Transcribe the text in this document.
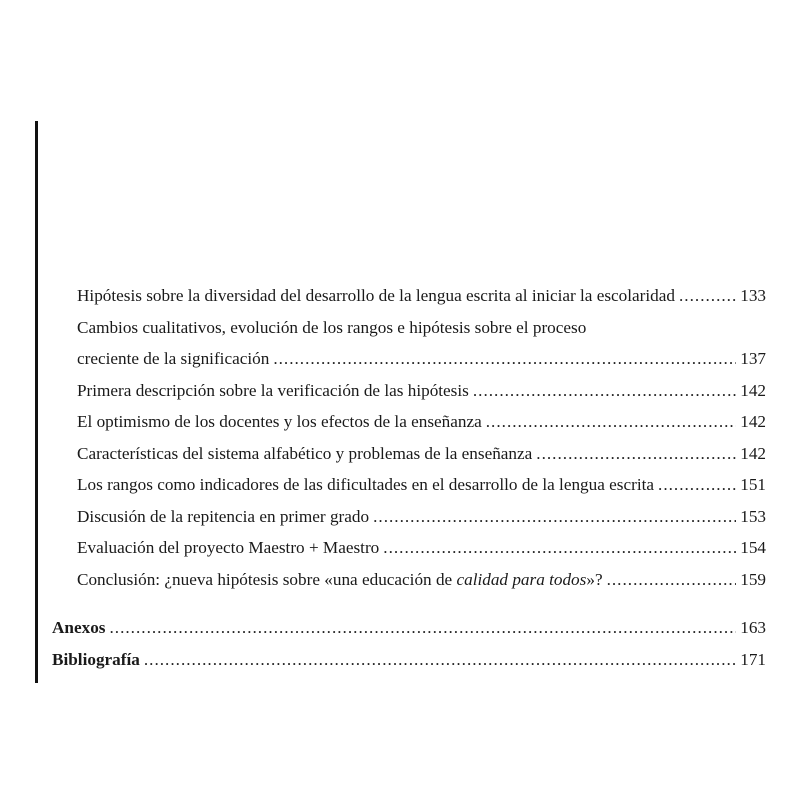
Hipótesis sobre la diversidad del desarrollo de la lengua escrita al iniciar la escolaridad .....	133
Cambios cualitativos, evolución de los rangos e hipótesis sobre el proceso
creciente de la significación .....	137
Primera descripción sobre la verificación de las hipótesis .....	142
El optimismo de los docentes y los efectos de la enseñanza .....	142
Características del sistema alfabético y problemas de la enseñanza .....	142
Los rangos como indicadores de las dificultades en el desarrollo de la lengua escrita .....	151
Discusión de la repitencia en primer grado .....	153
Evaluación del proyecto Maestro + Maestro .....	154
Conclusión: ¿nueva hipótesis sobre «una educación de calidad para todos»? .....	159
Anexos .....	163
Bibliografía .....	171
